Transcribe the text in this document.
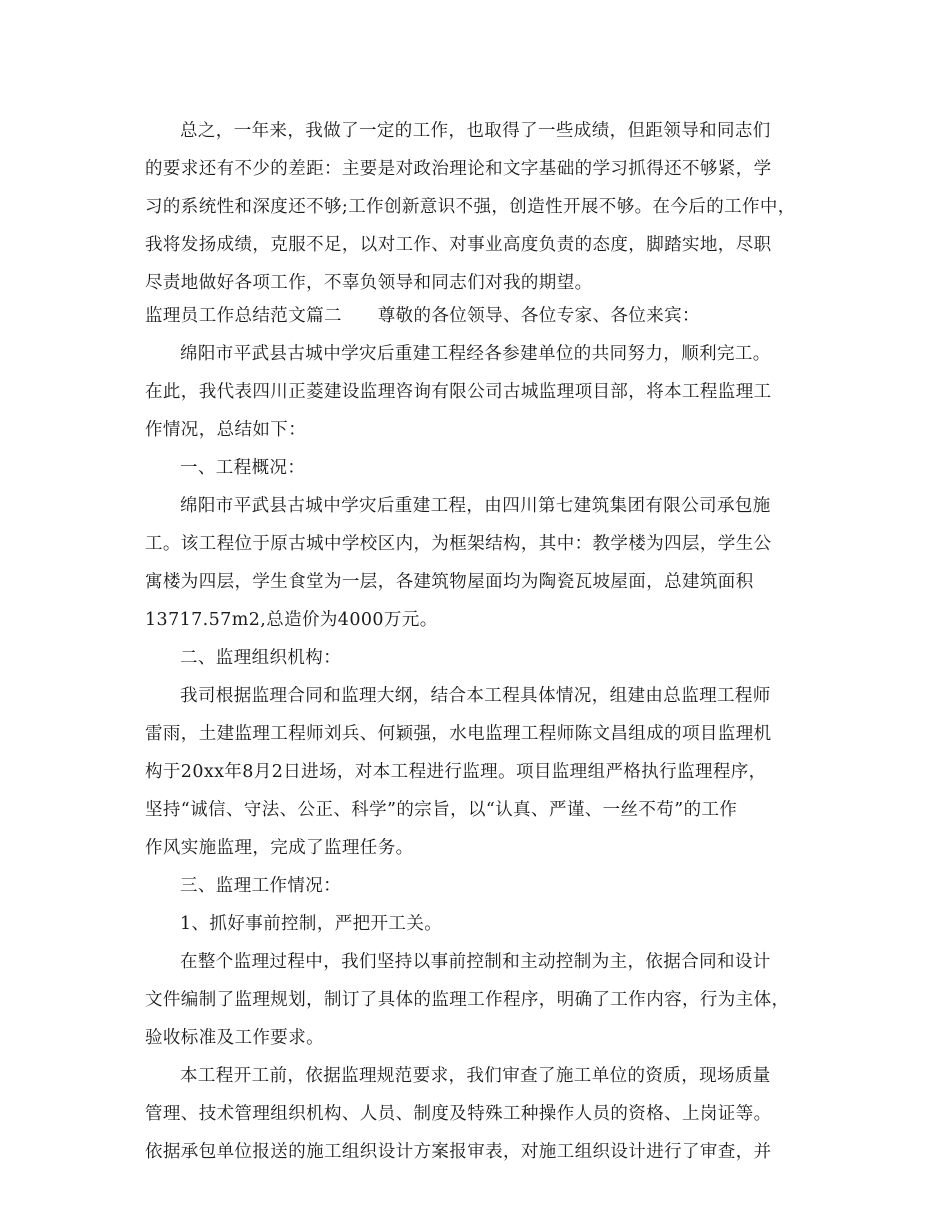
总之，一年来，我做了一定的工作，也取得了一些成绩，但距领导和同志们
的要求还有不少的差距：主要是对政治理论和文字基础的学习抓得还不够紧，学
习的系统性和深度还不够;工作创新意识不强，创造性开展不够。在今后的工作中，
我将发扬成绩，克服不足，以对工作、对事业高度负责的态度，脚踏实地，尽职
尽责地做好各项工作，不辜负领导和同志们对我的期望。
监理员工作总结范文篇二　　尊敬的各位领导、各位专家、各位来宾：
绵阳市平武县古城中学灾后重建工程经各参建单位的共同努力，顺利完工。
在此，我代表四川正菱建设监理咨询有限公司古城监理项目部，将本工程监理工
作情况，总结如下：
一、工程概况：
绵阳市平武县古城中学灾后重建工程，由四川第七建筑集团有限公司承包施
工。该工程位于原古城中学校区内，为框架结构，其中：教学楼为四层，学生公
寓楼为四层，学生食堂为一层，各建筑物屋面均为陶瓷瓦坡屋面，总建筑面积
13717.57m2,总造价为4000万元。
二、监理组织机构：
我司根据监理合同和监理大纲，结合本工程具体情况，组建由总监理工程师
雷雨，土建监理工程师刘兵、何颖强，水电监理工程师陈文昌组成的项目监理机
构于20xx年8月2日进场，对本工程进行监理。项目监理组严格执行监理程序，
坚持“诚信、守法、公正、科学”的宗旨，以“认真、严谨、一丝不苟”的工作
作风实施监理，完成了监理任务。
三、监理工作情况：
1、抓好事前控制，严把开工关。
在整个监理过程中，我们坚持以事前控制和主动控制为主，依据合同和设计
文件编制了监理规划，制订了具体的监理工作程序，明确了工作内容，行为主体，
验收标准及工作要求。
本工程开工前，依据监理规范要求，我们审查了施工单位的资质，现场质量
管理、技术管理组织机构、人员、制度及特殊工种操作人员的资格、上岗证等。
依据承包单位报送的施工组织设计方案报审表，对施工组织设计进行了审查，并
